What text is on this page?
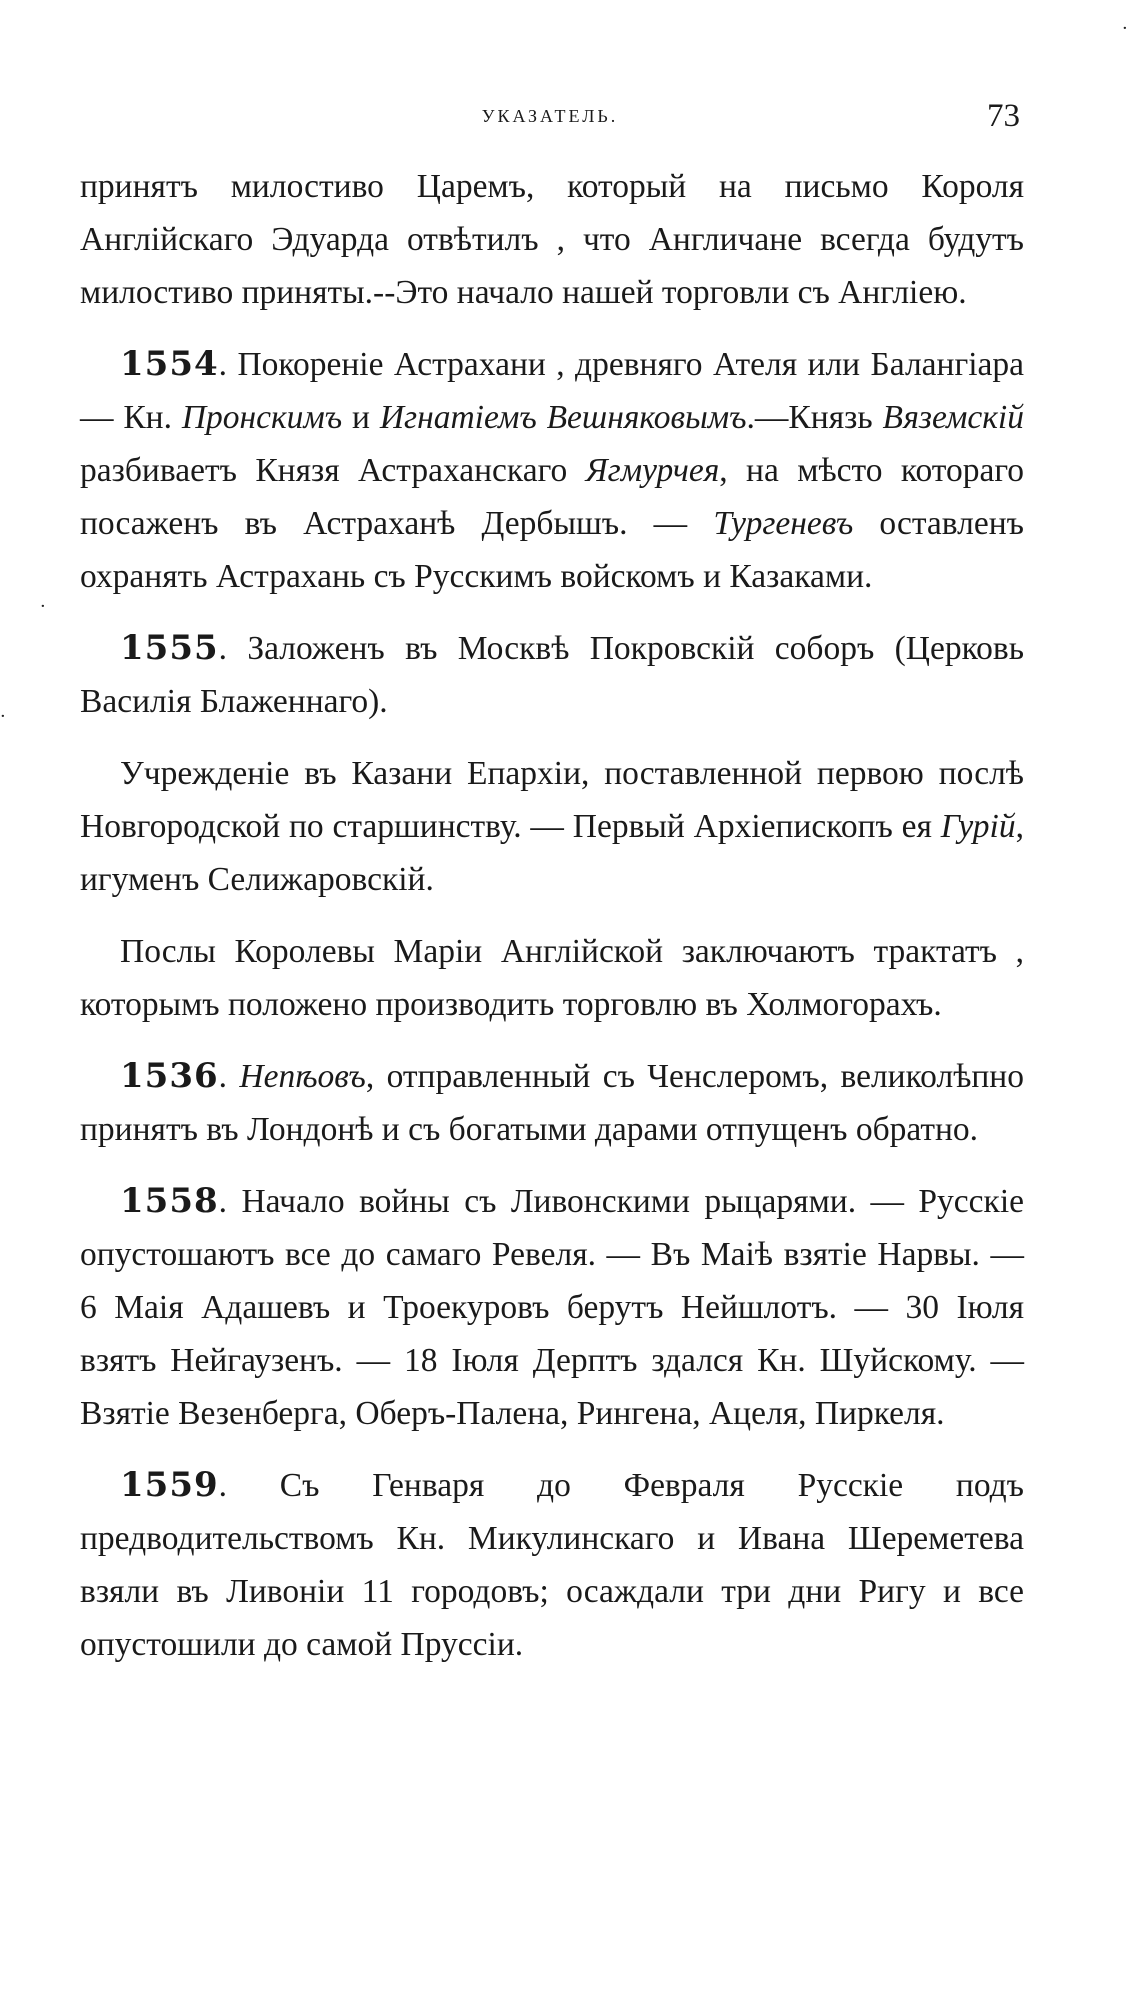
УКАЗАТЕЛЬ.	73

принятъ милостиво Царемъ, который на письмо Короля Англійскаго Эдуарда отвѣтилъ , что Англичане всегда будутъ милостиво приняты.--Это начало нашей торговли съ Англіею.

1554. Покореніе Астрахани , древняго Ателя или Балангіара— Кн. Пронскимъ и Игнатіемъ Вешняковымъ.—Князь Вяземскій разбиваетъ Князя Астраханскаго Ягмурчея, на мѣсто котораго посаженъ въ Астраханѣ Дербышъ. — Тургеневъ оставленъ охранять Астрахань съ Русскимъ войскомъ и Казаками.

1555. Заложенъ въ Москвѣ Покровскій соборъ (Церковь Василія Блаженнаго).

Учрежденіе въ Казани Епархіи, поставленной первою послѣ Новгородской по старшинству. — Первый Архіепископъ ея Гурій, игуменъ Селижаровскій.

Послы Королевы Маріи Англійской заключаютъ трактатъ , которымъ положено производить торговлю въ Холмогорахъ.

1536. Непѣовъ, отправленный съ Ченслеромъ, великолѣпно принятъ въ Лондонѣ и съ богатыми дарами отпущенъ обратно.

1558. Начало войны съ Ливонскими рыцарями. — Русскіе опустошаютъ все до самаго Ревеля. — Въ Маіѣ взятіе Нарвы. — 6 Маія Адашевъ и Троекуровъ берутъ Нейшлотъ. — 30 Іюля взятъ Нейгаузенъ. — 18 Іюля Дерптъ здался Кн. Шуйскому. — Взятіе Везенберга, Оберъ-Палена, Рингена, Ацеля, Пиркеля.

1559. Съ Генваря до Февраля Русскіе подъ предводительствомъ Кн. Микулинскаго и Ивана Шереметева взяли въ Ливоніи 11 городовъ; осаждали три дни Ригу и все опустошили до самой Пруссіи.

·
·
·
